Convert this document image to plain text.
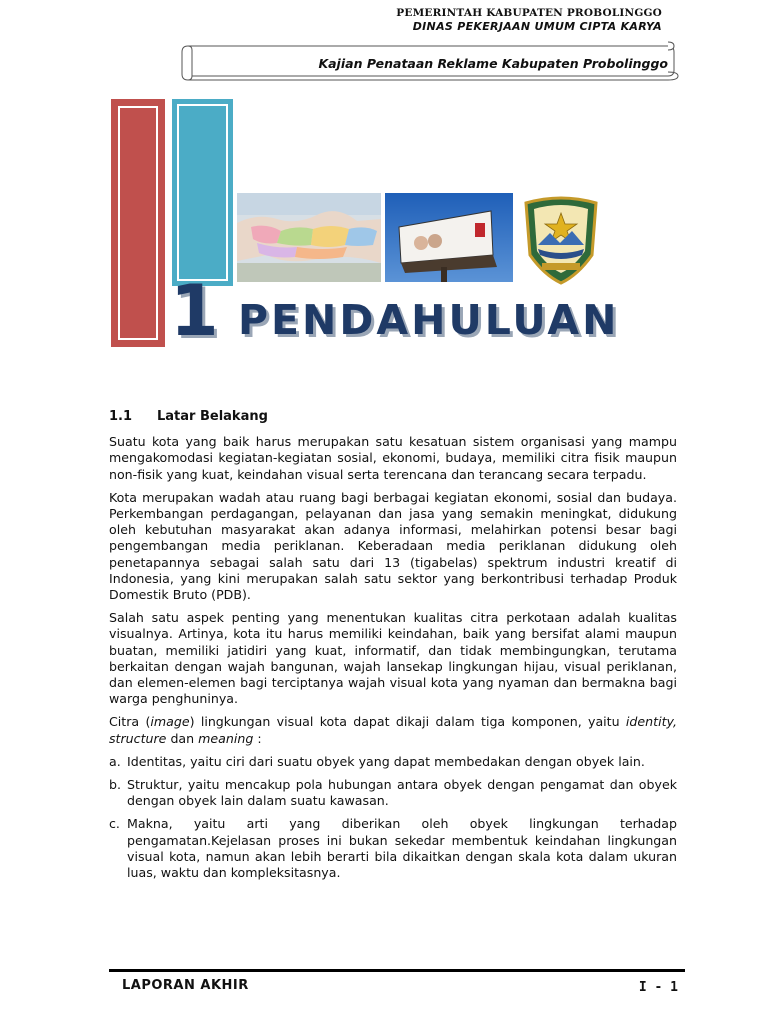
PEMERINTAH KABUPATEN PROBOLINGGO
DINAS PEKERJAAN UMUM CIPTA KARYA
Kajian Penataan Reklame Kabupaten Probolinggo
1 PENDAHULUAN
1.1	Latar Belakang

Suatu kota yang baik harus merupakan satu kesatuan sistem organisasi yang mampu mengakomodasi kegiatan-kegiatan sosial, ekonomi, budaya, memiliki citra fisik maupun non-fisik yang kuat, keindahan visual serta terencana dan terancang secara terpadu.

Kota merupakan wadah atau ruang bagi berbagai kegiatan ekonomi, sosial dan budaya. Perkembangan perdagangan, pelayanan dan jasa yang semakin meningkat, didukung oleh kebutuhan masyarakat akan adanya informasi, melahirkan potensi besar bagi pengembangan media periklanan. Keberadaan media periklanan didukung oleh penetapannya sebagai salah satu dari 13 (tigabelas) spektrum industri kreatif di Indonesia, yang kini merupakan salah satu sektor yang berkontribusi terhadap Produk Domestik Bruto (PDB).

Salah satu aspek penting yang menentukan kualitas citra perkotaan adalah kualitas visualnya. Artinya, kota itu harus memiliki keindahan, baik yang bersifat alami maupun buatan, memiliki jatidiri yang kuat, informatif, dan tidak membingungkan, terutama berkaitan dengan wajah bangunan, wajah lansekap lingkungan hijau, visual periklanan, dan elemen-elemen bagi terciptanya wajah visual kota yang nyaman dan bermakna bagi warga penghuninya.

Citra (image) lingkungan visual kota dapat dikaji dalam tiga komponen, yaitu identity, structure dan meaning :

a. Identitas, yaitu ciri dari suatu obyek yang dapat membedakan dengan obyek lain.
b. Struktur, yaitu mencakup pola hubungan antara obyek dengan pengamat dan obyek dengan obyek lain dalam suatu kawasan.
c. Makna, yaitu arti yang diberikan oleh obyek lingkungan terhadap pengamatan.Kejelasan proses ini bukan sekedar membentuk keindahan lingkungan visual kota, namun akan lebih berarti bila dikaitkan dengan skala kota dalam ukuran luas, waktu dan kompleksitasnya.
LAPORAN AKHIR	I - 1
